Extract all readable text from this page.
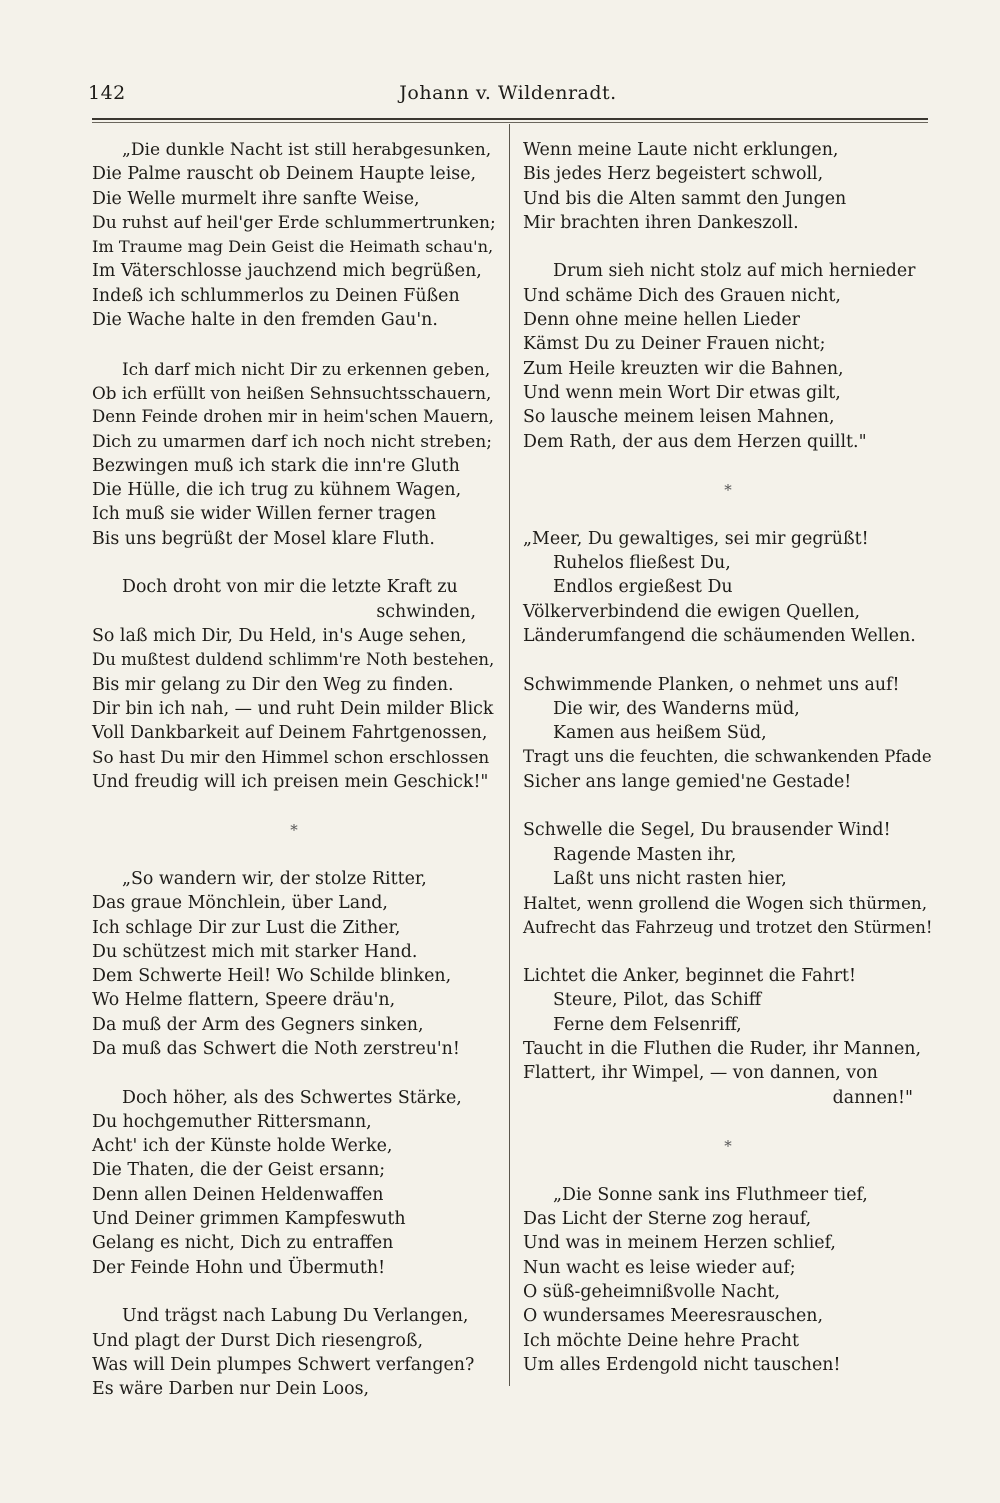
142	Johann v. Wildenradt.
„Die dunkle Nacht ist still herabgesunken,
Die Palme rauscht ob Deinem Haupte leise,
Die Welle murmelt ihre sanfte Weise,
Du ruhst auf heil'ger Erde schlummertrunken;
Im Traume mag Dein Geist die Heimath schau'n,
Im Väterschlosse jauchzend mich begrüßen,
Indeß ich schlummerlos zu Deinen Füßen
Die Wache halte in den fremden Gau'n.
Ich darf mich nicht Dir zu erkennen geben,
Ob ich erfüllt von heißen Sehnsuchtsschauern,
Denn Feinde drohen mir in heim'schen Mauern,
Dich zu umarmen darf ich noch nicht streben;
Bezwingen muß ich stark die inn're Gluth
Die Hülle, die ich trug zu kühnem Wagen,
Ich muß sie wider Willen ferner tragen
Bis uns begrüßt der Mosel klare Fluth.
Doch droht von mir die letzte Kraft zu
schwinden,
So laß mich Dir, Du Held, in's Auge sehen,
Du mußtest duldend schlimm're Noth bestehen,
Bis mir gelang zu Dir den Weg zu finden.
Dir bin ich nah, — und ruht Dein milder Blick
Voll Dankbarkeit auf Deinem Fahrtgenossen,
So hast Du mir den Himmel schon erschlossen
Und freudig will ich preisen mein Geschick!"
*
„So wandern wir, der stolze Ritter,
Das graue Mönchlein, über Land,
Ich schlage Dir zur Lust die Zither,
Du schützest mich mit starker Hand.
Dem Schwerte Heil! Wo Schilde blinken,
Wo Helme flattern, Speere dräu'n,
Da muß der Arm des Gegners sinken,
Da muß das Schwert die Noth zerstreu'n!
Doch höher, als des Schwertes Stärke,
Du hochgemuther Rittersmann,
Acht' ich der Künste holde Werke,
Die Thaten, die der Geist ersann;
Denn allen Deinen Heldenwaffen
Und Deiner grimmen Kampfeswuth
Gelang es nicht, Dich zu entraffen
Der Feinde Hohn und Übermuth!
Und trägst nach Labung Du Verlangen,
Und plagt der Durst Dich riesengroß,
Was will Dein plumpes Schwert verfangen?
Es wäre Darben nur Dein Loos,
Wenn meine Laute nicht erklungen,
Bis jedes Herz begeistert schwoll,
Und bis die Alten sammt den Jungen
Mir brachten ihren Dankeszoll.
Drum sieh nicht stolz auf mich hernieder
Und schäme Dich des Grauen nicht,
Denn ohne meine hellen Lieder
Kämst Du zu Deiner Frauen nicht;
Zum Heile kreuzten wir die Bahnen,
Und wenn mein Wort Dir etwas gilt,
So lausche meinem leisen Mahnen,
Dem Rath, der aus dem Herzen quillt."
*
„Meer, Du gewaltiges, sei mir gegrüßt!
Ruhelos fließest Du,
Endlos ergießest Du
Völkerverbindend die ewigen Quellen,
Länderumfangend die schäumenden Wellen.
Schwimmende Planken, o nehmet uns auf!
Die wir, des Wanderns müd,
Kamen aus heißem Süd,
Tragt uns die feuchten, die schwankenden Pfade
Sicher ans lange gemied'ne Gestade!
Schwelle die Segel, Du brausender Wind!
Ragende Masten ihr,
Laßt uns nicht rasten hier,
Haltet, wenn grollend die Wogen sich thürmen,
Aufrecht das Fahrzeug und trotzet den Stürmen!
Lichtet die Anker, beginnet die Fahrt!
Steure, Pilot, das Schiff
Ferne dem Felsenriff,
Taucht in die Fluthen die Ruder, ihr Mannen,
Flattert, ihr Wimpel, — von dannen, von
dannen!"
*
„Die Sonne sank ins Fluthmeer tief,
Das Licht der Sterne zog herauf,
Und was in meinem Herzen schlief,
Nun wacht es leise wieder auf;
O süß-geheimnißvolle Nacht,
O wundersames Meeresrauschen,
Ich möchte Deine hehre Pracht
Um alles Erdengold nicht tauschen!
